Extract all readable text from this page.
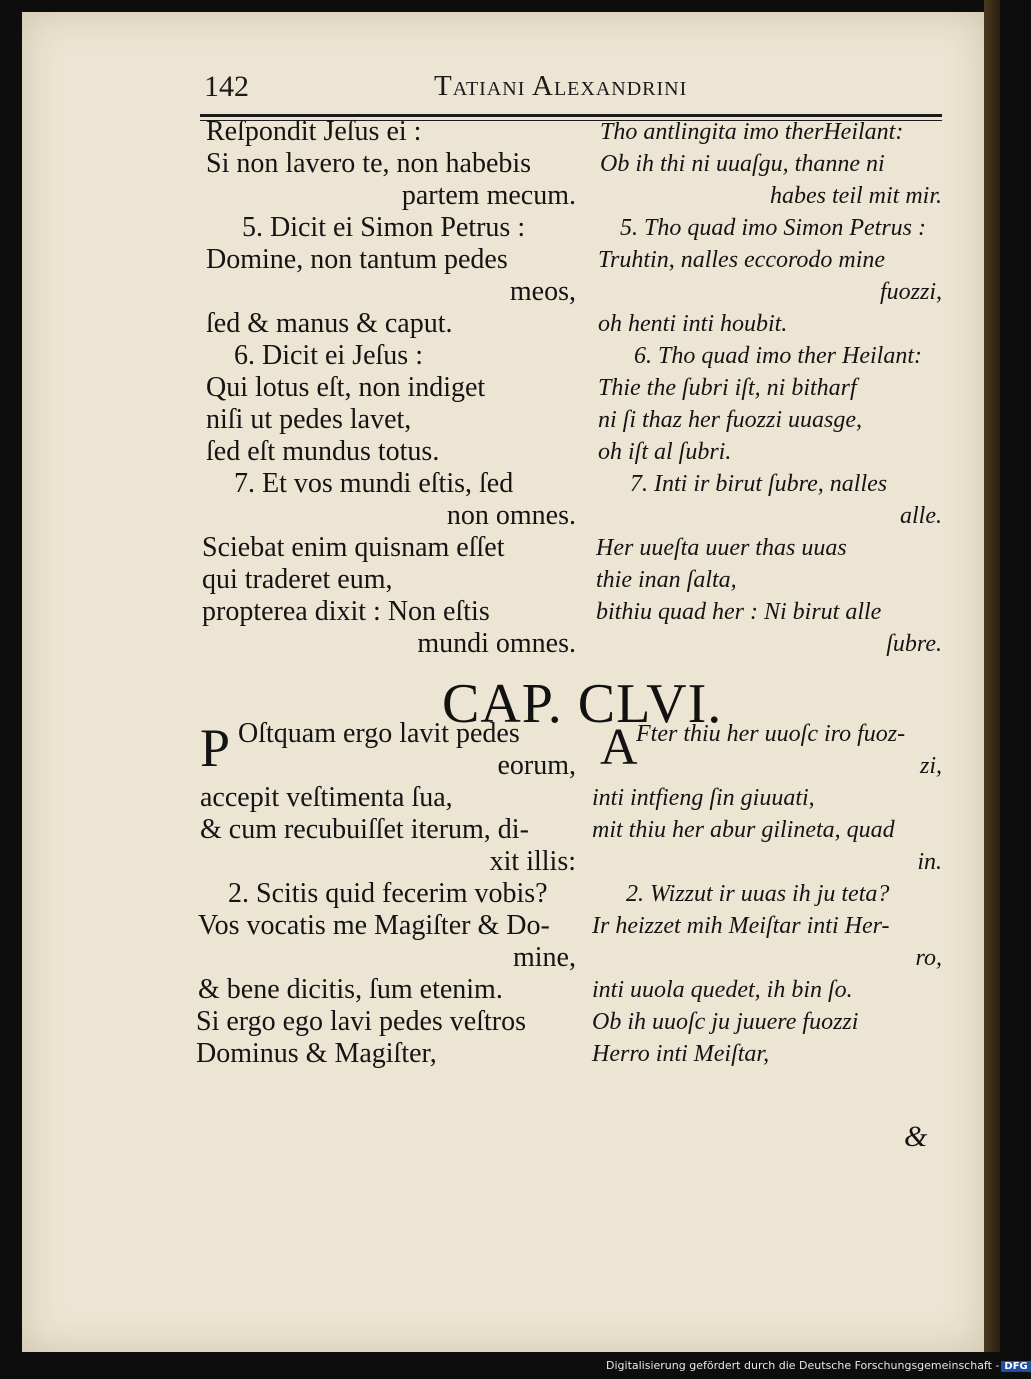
142	Tatiani Alexandrini
Reſpondit Jeſus ei :
Si non lavero te, non habebis
partem mecum.
5. Dicit ei Simon Petrus :
Domine, non tantum pedes
meos,
ſed & manus & caput.
6. Dicit ei Jeſus :
Qui lotus eſt, non indiget
niſi ut pedes lavet,
ſed eſt mundus totus.
7. Et vos mundi eſtis, ſed
non omnes.
Sciebat enim quisnam eſſet
qui traderet eum,
propterea dixit : Non eſtis
mundi omnes.
Tho antlingita imo therHeilant:
Ob ih thi ni uuaſgu, thanne ni
habes teil mit mir.
5. Tho quad imo Simon Petrus :
Truhtin, nalles eccorodo mine
fuozzi,
oh henti inti houbit.
6. Tho quad imo ther Heilant:
Thie the ſubri iſt, ni bitharf
ni ſi thaz her fuozzi uuasge,
oh iſt al ſubri.
7. Inti ir birut ſubre, nalles
alle.
Her uueſta uuer thas uuas
thie inan ſalta,
bithiu quad her : Ni birut alle
ſubre.
CAP. CLVI.
P Oſtquam ergo lavit pedes
eorum,
accepit veſtimenta ſua,
& cum recubuiſſet iterum, di-
xit illis:
2. Scitis quid fecerim vobis?
Vos vocatis me Magiſter & Do-
mine,
& bene dicitis, ſum etenim.
Si ergo ego lavi pedes veſtros
Dominus & Magiſter,
A
Fter thiu her uuoſc iro fuoz-
zi,
inti intfieng ſin giuuati,
mit thiu her abur gilineta, quad
in.
2. Wizzut ir uuas ih ju teta?
Ir heizzet mih Meiſtar inti Her-
ro,
inti uuola quedet, ih bin ſo.
Ob ih uuoſc ju juuere fuozzi
Herro inti Meiſtar,
&
Digitalisierung gefördert durch die Deutsche Forschungsgemeinschaft - DFG
